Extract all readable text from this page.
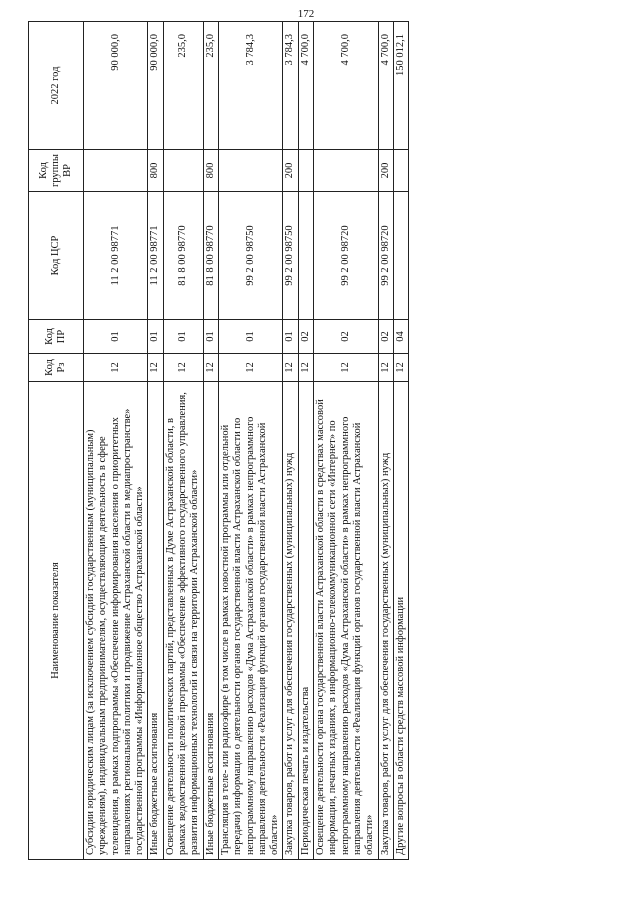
172
Наименование показателя	Код Рз	Код ПР	Код ЦСР	Код группы ВР	2022 год
Субсидии юридическим лицам (за исключением субсидий государственным (муниципальным) учреждениям), индивидуальным предпринимателям, осуществляющим деятельность в сфере телевидения, в рамках подпрограммы «Обеспечение информирования населения о приоритетных направлениях региональной политики и продвижение Астраханской области в медиапространстве» государственной программы «Информационное общество Астраханской области»	12	01	11 2 00 98771		90 000,0
Иные бюджетные ассигнования	12	01	11 2 00 98771	800	90 000,0
Освещение деятельности политических партий, представленных в Думе Астраханской области, в рамках ведомственной целевой программы «Обеспечение эффективного государственного управления, развития информационных технологий и связи на территории Астраханской области»	12	01	81 8 00 98770		235,0
Иные бюджетные ассигнования	12	01	81 8 00 98770	800	235,0
Трансляция в теле- или радиоэфире (в том числе в рамках новостной программы или отдельной передачи) информации о деятельности органов государственной власти Астраханской области по непрограммному направлению расходов «Дума Астраханской области» в рамках непрограммного направления деятельности «Реализация функций органов государственной власти Астраханской области»	12	01	99 2 00 98750		3 784,3
Закупка товаров, работ и услуг для обеспечения государственных (муниципальных) нужд	12	01	99 2 00 98750	200	3 784,3
Периодическая печать и издательства	12	02			4 700,0
Освещение деятельности органа государственной власти Астраханской области в средствах массовой информации, печатных изданиях, в информационно-телекоммуникационной сети «Интернет» по непрограммному направлению расходов «Дума Астраханской области» в рамках непрограммного направления деятельности «Реализация функций органов государственной власти Астраханской области»	12	02	99 2 00 98720		4 700,0
Закупка товаров, работ и услуг для обеспечения государственных (муниципальных) нужд	12	02	99 2 00 98720	200	4 700,0
Другие вопросы в области средств массовой информации	12	04			150 012,1
